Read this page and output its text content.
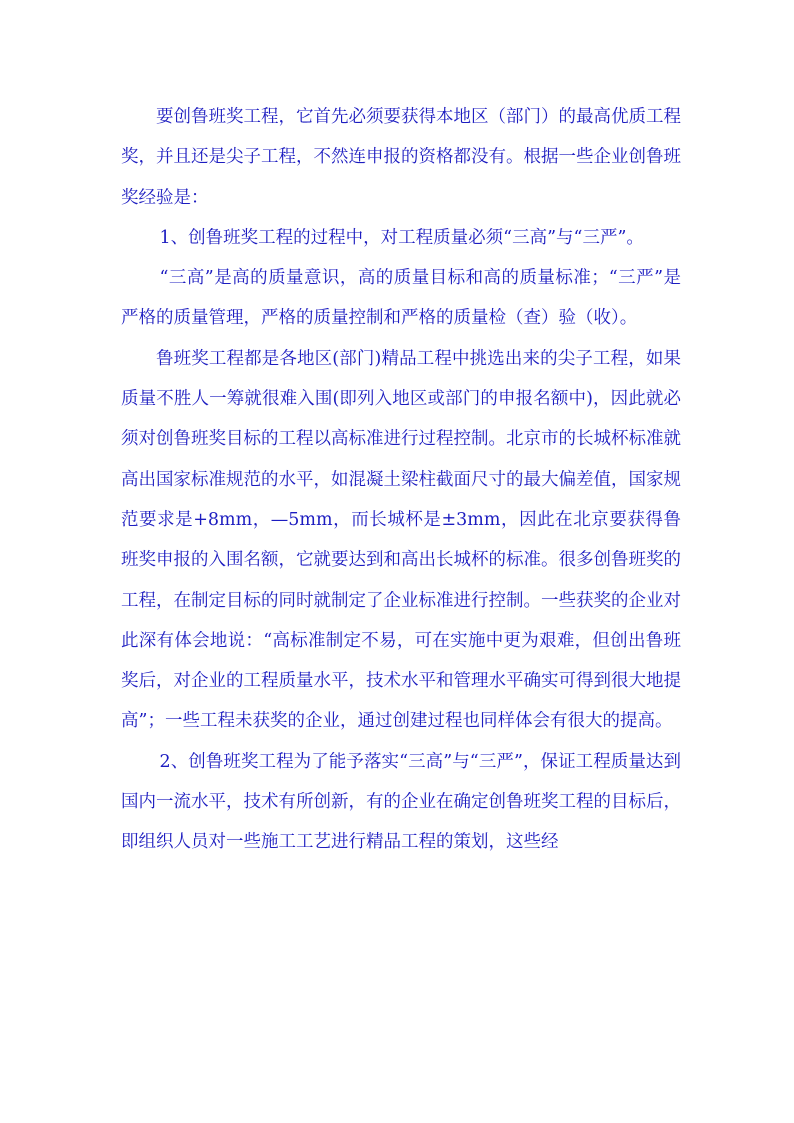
要创鲁班奖工程，它首先必须要获得本地区（部门）的最高优质工程奖，并且还是尖子工程，不然连申报的资格都没有。根据一些企业创鲁班奖经验是：

1、创鲁班奖工程的过程中，对工程质量必须“三高”与“三严”。

“三高”是高的质量意识，高的质量目标和高的质量标准；“三严”是严格的质量管理，严格的质量控制和严格的质量检（查）验（收）。

鲁班奖工程都是各地区(部门)精品工程中挑选出来的尖子工程，如果质量不胜人一筹就很难入围(即列入地区或部门的申报名额中)，因此就必须对创鲁班奖目标的工程以高标准进行过程控制。北京市的长城杯标准就高出国家标准规范的水平，如混凝土梁柱截面尺寸的最大偏差值，国家规范要求是+8mm，—5mm，而长城杯是±3mm，因此在北京要获得鲁班奖申报的入围名额，它就要达到和高出长城杯的标准。很多创鲁班奖的工程，在制定目标的同时就制定了企业标准进行控制。一些获奖的企业对此深有体会地说：“高标准制定不易，可在实施中更为艰难，但创出鲁班奖后，对企业的工程质量水平，技术水平和管理水平确实可得到很大地提高”；一些工程未获奖的企业，通过创建过程也同样体会有很大的提高。

2、创鲁班奖工程为了能予落实“三高”与“三严”，保证工程质量达到国内一流水平，技术有所创新，有的企业在确定创鲁班奖工程的目标后，即组织人员对一些施工工艺进行精品工程的策划，这些经
